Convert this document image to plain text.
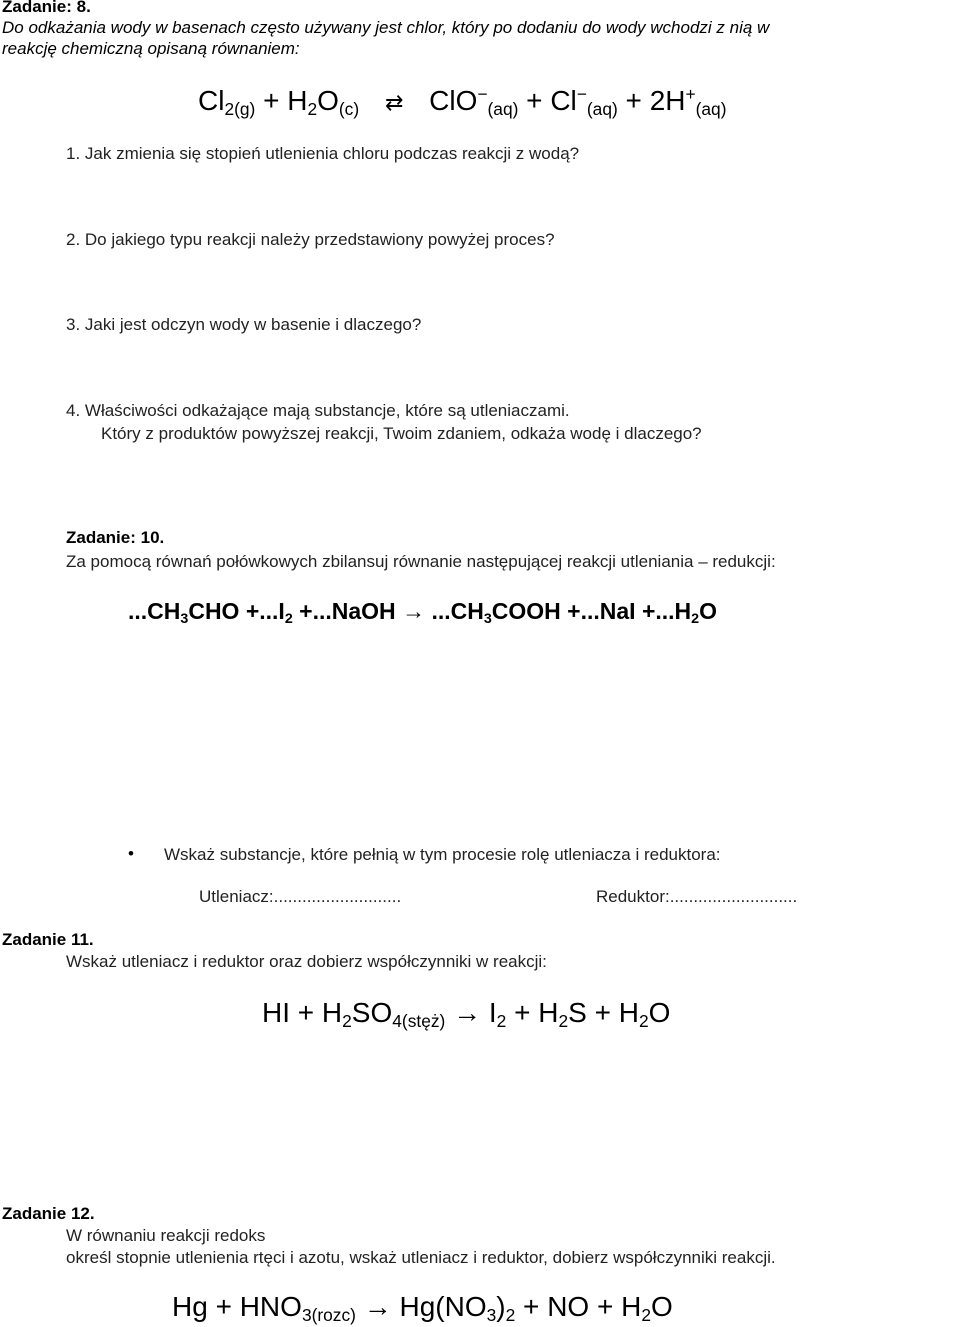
Zadanie: 8.
Do odkażania wody w basenach często używany jest chlor, który po dodaniu do wody wchodzi z nią w
reakcję chemiczną opisaną równaniem:
$Cl_{2(g)} + H_2O_{(c)}$ ⇄ $ClO^-_{(aq)} + Cl^-_{(aq)} + 2H^+_{(aq)}$
1. Jak zmienia się stopień utlenienia chloru podczas reakcji z wodą?
2. Do jakiego typu reakcji należy przedstawiony powyżej proces?
3. Jaki jest odczyn wody w basenie i dlaczego?
4. Właściwości odkażające mają substancje, które są utleniaczami.
Który z produktów powyższej reakcji, Twoim zdaniem, odkaża wodę i dlaczego?
Zadanie: 10.
Za pomocą równań połówkowych zbilansuj równanie następującej reakcji utleniania – redukcji:
$...CH_3CHO +...I_2$ +...NaOH → $...CH_3COOH +...NaI +...H_2O$
• Wskaż substancje, które pełnią w tym procesie rolę utleniacza i reduktora:
Utleniacz:...........................	Reduktor:...........................
Zadanie 11.
Wskaż utleniacz i reduktor oraz dobierz współczynniki w reakcji:
HI + $H_2SO_{4(stęż)} \to I_2 + H_2S + H_2O$
Zadanie 12.
W równaniu reakcji redoks
określ stopnie utlenienia rtęci i azotu, wskaż utleniacz i reduktor, dobierz współczynniki reakcji.
$Hg + HNO_{3(rozc)} \to Hg(NO_3)_2$ + NO + $H_2O$
